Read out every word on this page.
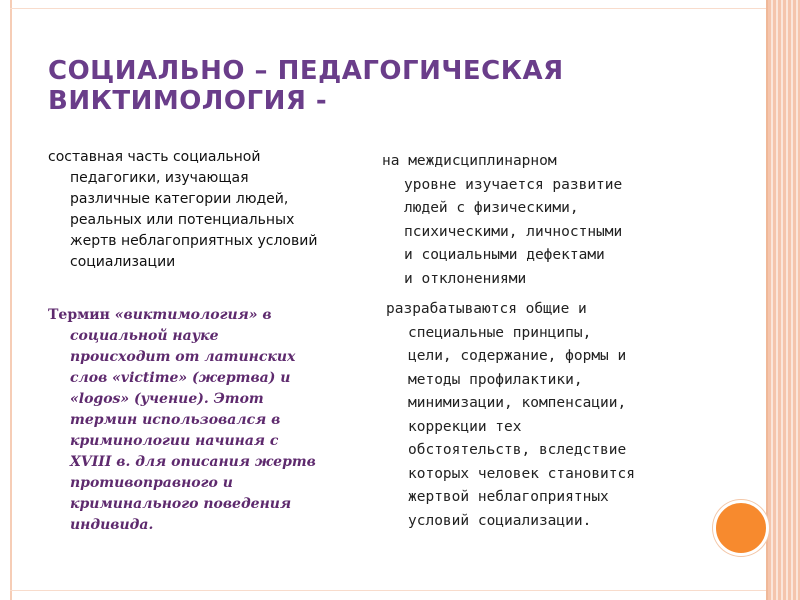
СОЦИАЛЬНО – ПЕДАГОГИЧЕСКАЯ
ВИКТИМОЛОГИЯ -

составная часть социальной
педагогики, изучающая
различные категории людей,
реальных или потенциальных
жертв неблагоприятных условий
социализации

Термин «виктимология» в
социальной науке
происходит от латинских
слов «victime» (жертва) и
«logos» (учение). Этот
термин использовался в
криминологии начиная с
XVIII в. для описания жертв
противоправного и
криминального поведения
индивида.

на междисциплинарном
уровне изучается развитие
людей с физическими,
психическими, личностными
и социальными дефектами
и отклонениями

разрабатываются общие и
специальные принципы,
цели, содержание, формы и
методы профилактики,
минимизации, компенсации,
коррекции тех
обстоятельств, вследствие
которых человек становится
жертвой неблагоприятных
условий социализации.
